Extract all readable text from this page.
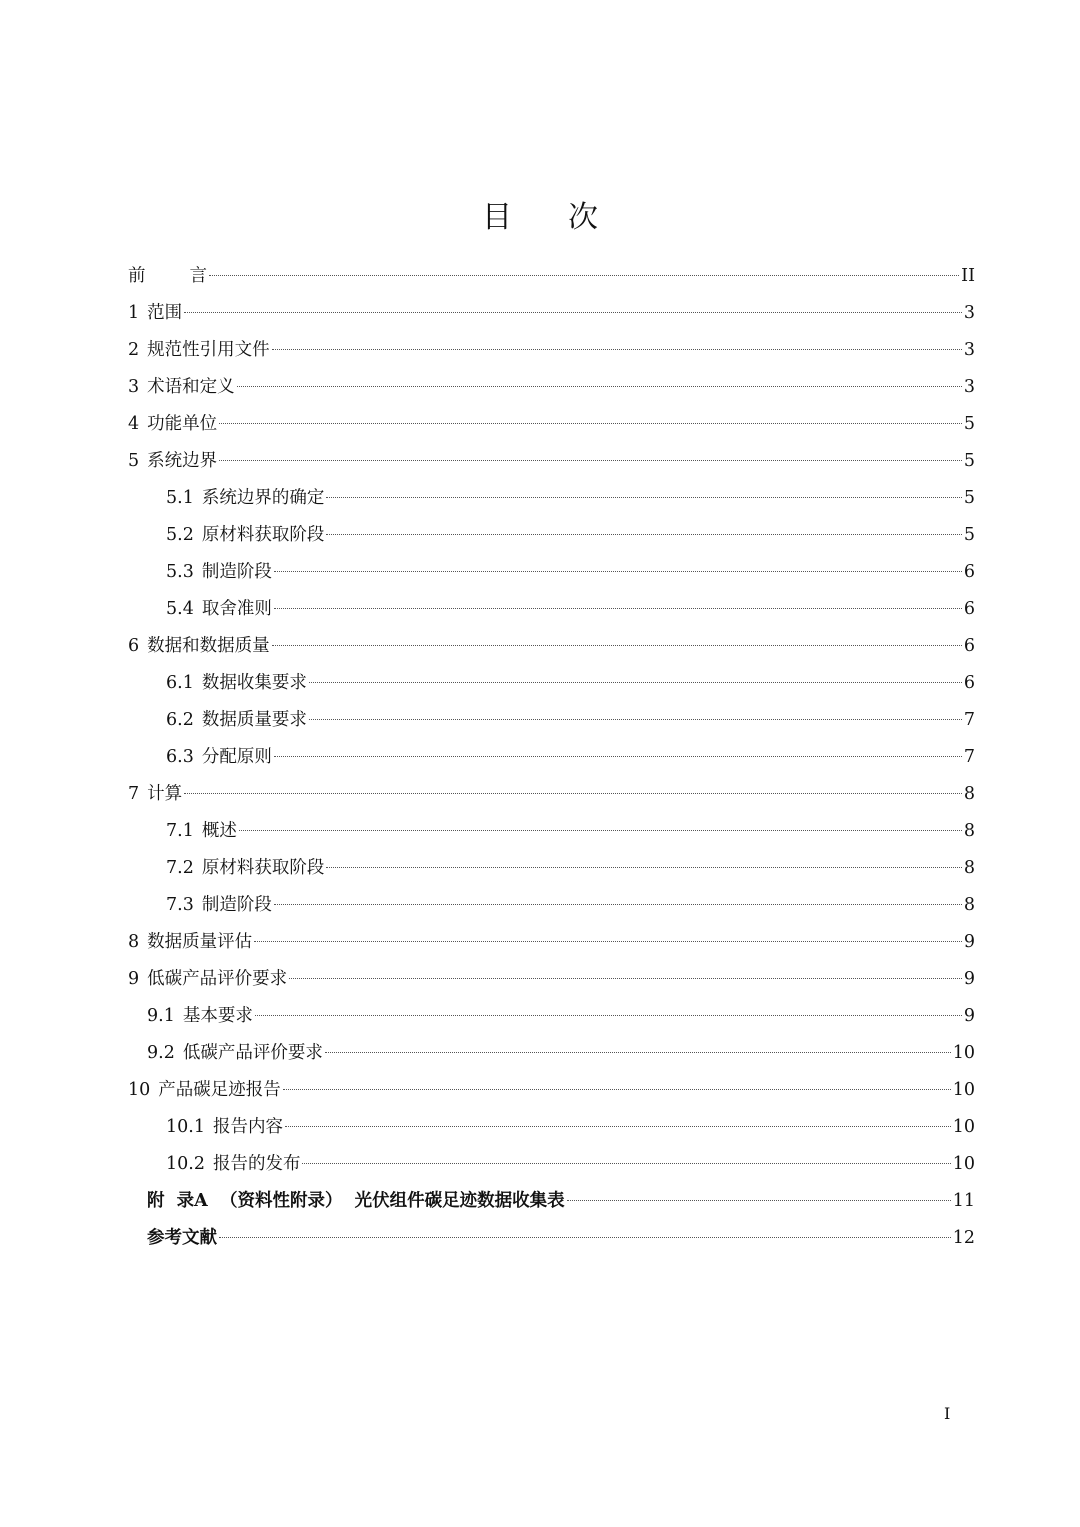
目 次
前	言	II
1 范围	3
2 规范性引用文件	3
3 术语和定义	3
4 功能单位	5
5 系统边界	5
5.1 系统边界的确定	5
5.2 原材料获取阶段	5
5.3 制造阶段	6
5.4 取舍准则	6
6 数据和数据质量	6
6.1 数据收集要求	6
6.2 数据质量要求	7
6.3 分配原则	7
7 计算	8
7.1 概述	8
7.2 原材料获取阶段	8
7.3 制造阶段	8
8 数据质量评估	9
9 低碳产品评价要求	9
9.1 基本要求	9
9.2 低碳产品评价要求	10
10 产品碳足迹报告	10
10.1 报告内容	10
10.2 报告的发布	10
附  录A  （资料性附录）  光伏组件碳足迹数据收集表	11
参考文献	12
I
